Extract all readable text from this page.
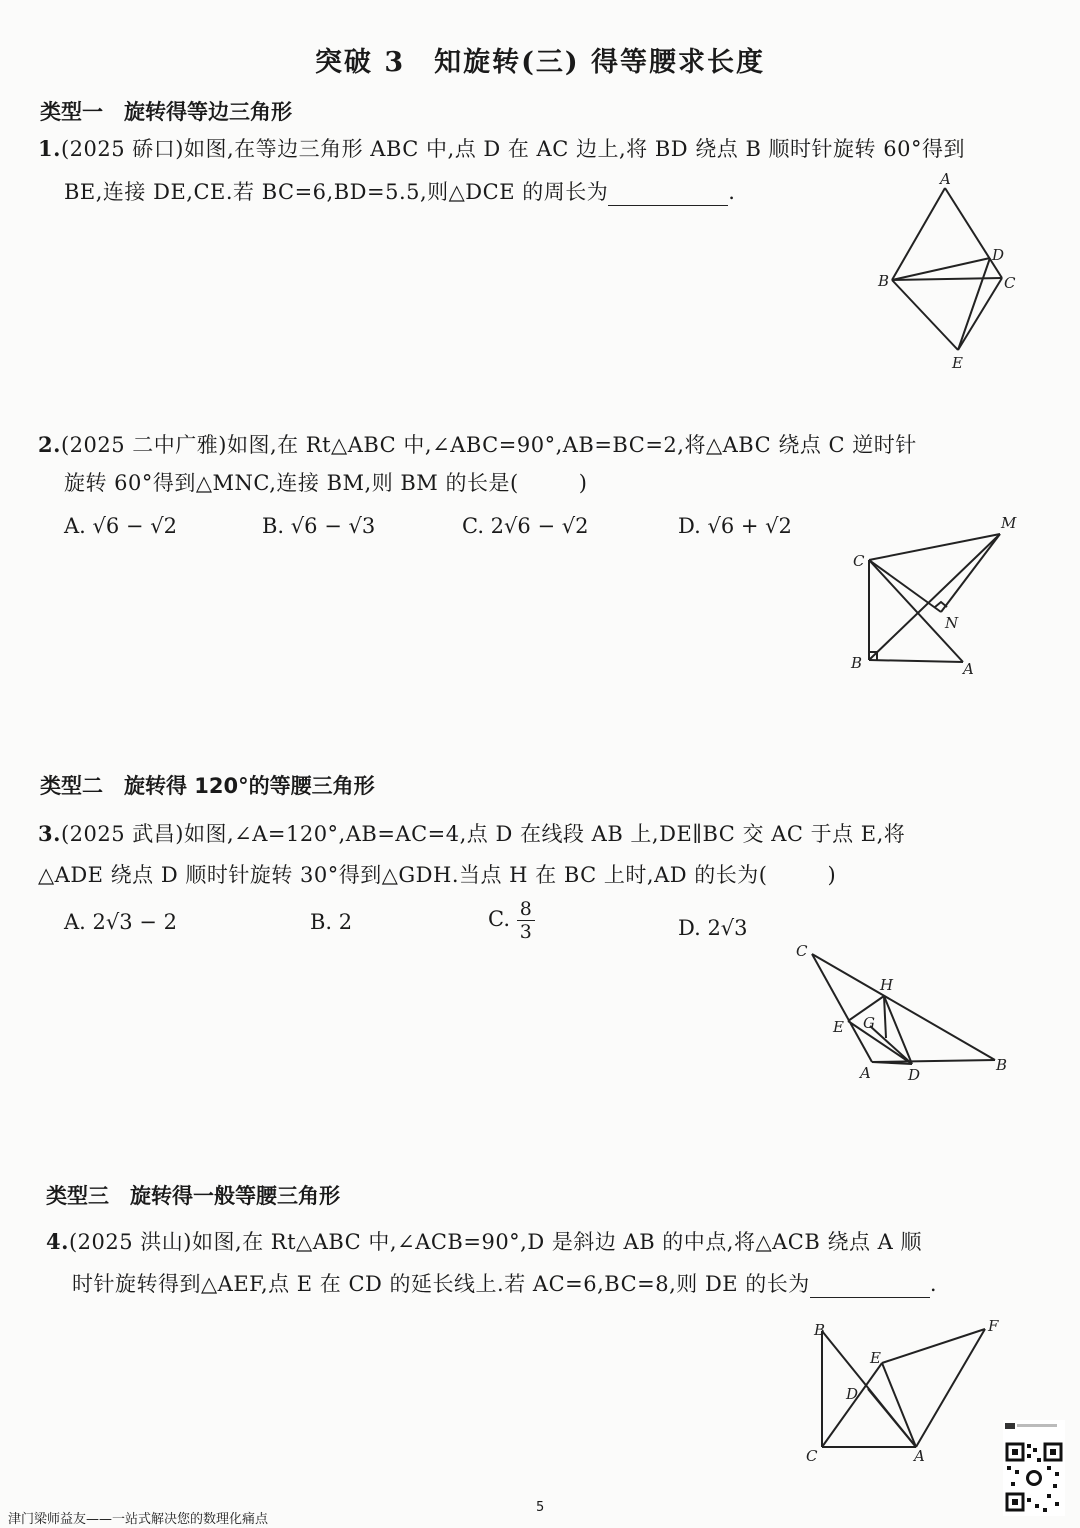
突破 3　知旋转(三) 得等腰求长度
类型一　旋转得等边三角形
1.(2025 硚口)如图,在等边三角形 ABC 中,点 D 在 AC 边上,将 BD 绕点 B 顺时针旋转 60°得到
BE,连接 DE,CE.若 BC=6,BD=5.5,则△DCE 的周长为	.
A
B	C
D
E
2.(2025 二中广雅)如图,在 Rt△ABC 中,∠ABC=90°,AB=BC=2,将△ABC 绕点 C 逆时针
旋转 60°得到△MNC,连接 BM,则 BM 的长是(	)
A. √6 − √2	B. √6 − √3	C. 2√6 − √2	D. √6 + √2	M
C
N
B	A
类型二　旋转得 120°的等腰三角形
3.(2025 武昌)如图,∠A=120°,AB=AC=4,点 D 在线段 AB 上,DE∥BC 交 AC 于点 E,将
△ADE 绕点 D 顺时针旋转 30°得到△GDH.当点 H 在 BC 上时,AD 的长为(	)
A. 2√3 − 2	B. 2	C. $\frac{8}{3}$	D. 2√3
C
H
E G
A D
B
类型三　旋转得一般等腰三角形
4.(2025 洪山)如图,在 Rt△ABC 中,∠ACB=90°,D 是斜边 AB 的中点,将△ACB 绕点 A 顺
时针旋转得到△AEF,点 E 在 CD 的延长线上.若 AC=6,BC=8,则 DE 的长为	.
B	F
E
D
C	A
津门梁师益友——一站式解决您的数理化痛点
5
